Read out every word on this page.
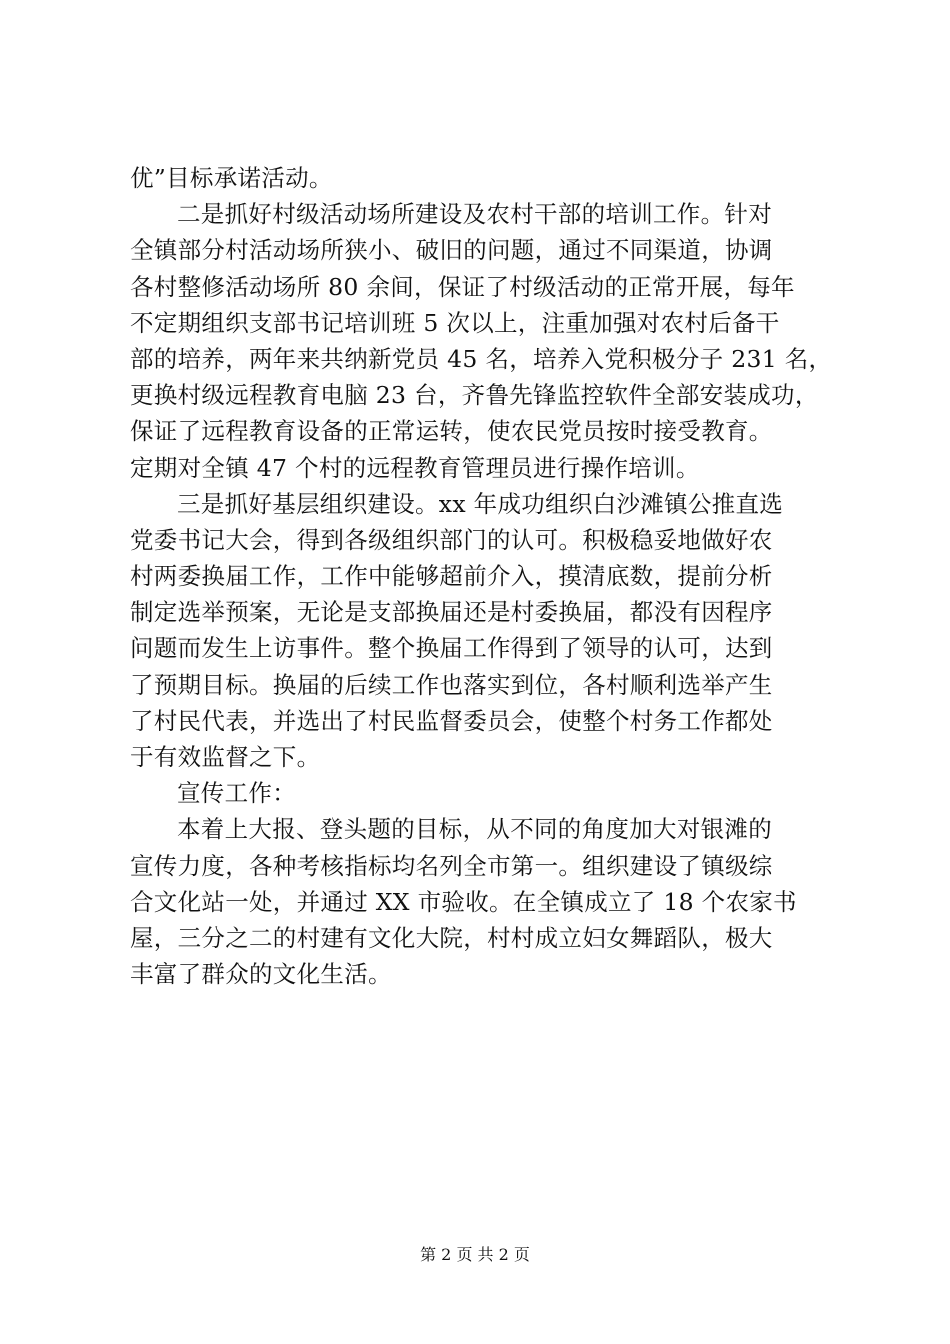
优”目标承诺活动。
二是抓好村级活动场所建设及农村干部的培训工作。针对
全镇部分村活动场所狭小、破旧的问题，通过不同渠道，协调
各村整修活动场所 80 余间，保证了村级活动的正常开展，每年
不定期组织支部书记培训班 5 次以上，注重加强对农村后备干
部的培养，两年来共纳新党员 45 名，培养入党积极分子 231 名，
更换村级远程教育电脑 23 台，齐鲁先锋监控软件全部安装成功，
保证了远程教育设备的正常运转，使农民党员按时接受教育。
定期对全镇 47 个村的远程教育管理员进行操作培训。
三是抓好基层组织建设。xx 年成功组织白沙滩镇公推直选
党委书记大会，得到各级组织部门的认可。积极稳妥地做好农
村两委换届工作，工作中能够超前介入，摸清底数，提前分析
制定选举预案，无论是支部换届还是村委换届，都没有因程序
问题而发生上访事件。整个换届工作得到了领导的认可，达到
了预期目标。换届的后续工作也落实到位，各村顺利选举产生
了村民代表，并选出了村民监督委员会，使整个村务工作都处
于有效监督之下。
宣传工作：
本着上大报、登头题的目标，从不同的角度加大对银滩的
宣传力度，各种考核指标均名列全市第一。组织建设了镇级综
合文化站一处，并通过 XX 市验收。在全镇成立了 18 个农家书
屋，三分之二的村建有文化大院，村村成立妇女舞蹈队，极大
丰富了群众的文化生活。
第 2 页 共 2 页
